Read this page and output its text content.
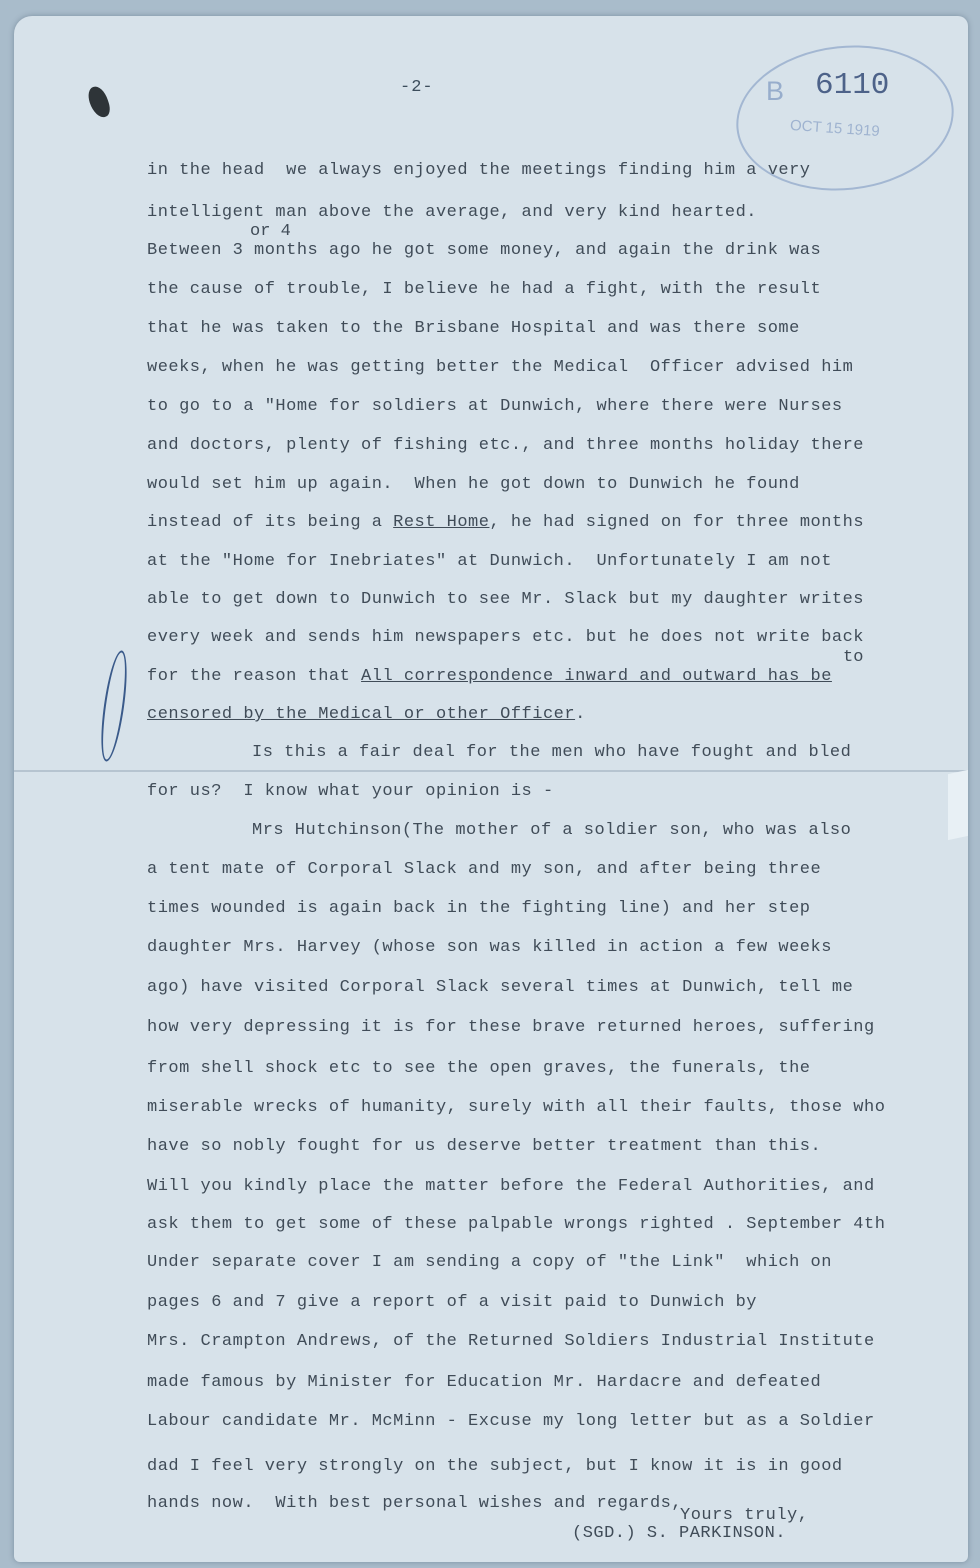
-2-	B 6110
OCT 15 1919
or 4
to
in the head  we always enjoyed the meetings finding him a very
intelligent man above the average, and very kind hearted.
Between 3 months ago he got some money, and again the drink was
the cause of trouble, I believe he had a fight, with the result
that he was taken to the Brisbane Hospital and was there some
weeks, when he was getting better the Medical  Officer advised him
to go to a "Home for soldiers at Dunwich, where there were Nurses
and doctors, plenty of fishing etc., and three months holiday there
would set him up again.  When he got down to Dunwich he found
instead of its being a Rest Home, he had signed on for three months
at the "Home for Inebriates" at Dunwich.  Unfortunately I am not
able to get down to Dunwich to see Mr. Slack but my daughter writes
every week and sends him newspapers etc. but he does not write back
for the reason that All correspondence inward and outward has be
censored by the Medical or other Officer.
Is this a fair deal for the men who have fought and bled
for us?  I know what your opinion is -
Mrs Hutchinson(The mother of a soldier son, who was also
a tent mate of Corporal Slack and my son, and after being three
times wounded is again back in the fighting line) and her step
daughter Mrs. Harvey (whose son was killed in action a few weeks
ago) have visited Corporal Slack several times at Dunwich, tell me
how very depressing it is for these brave returned heroes, suffering
from shell shock etc to see the open graves, the funerals, the
miserable wrecks of humanity, surely with all their faults, those who
have so nobly fought for us deserve better treatment than this.
Will you kindly place the matter before the Federal Authorities, and
ask them to get some of these palpable wrongs righted . September 4th
Under separate cover I am sending a copy of "the Link"  which on
pages 6 and 7 give a report of a visit paid to Dunwich by
Mrs. Crampton Andrews, of the Returned Soldiers Industrial Institute
made famous by Minister for Education Mr. Hardacre and defeated
Labour candidate Mr. McMinn - Excuse my long letter but as a Soldier
dad I feel very strongly on the subject, but I know it is in good
hands now.  With best personal wishes and regards,
Yours truly,
(SGD.) S. PARKINSON.
